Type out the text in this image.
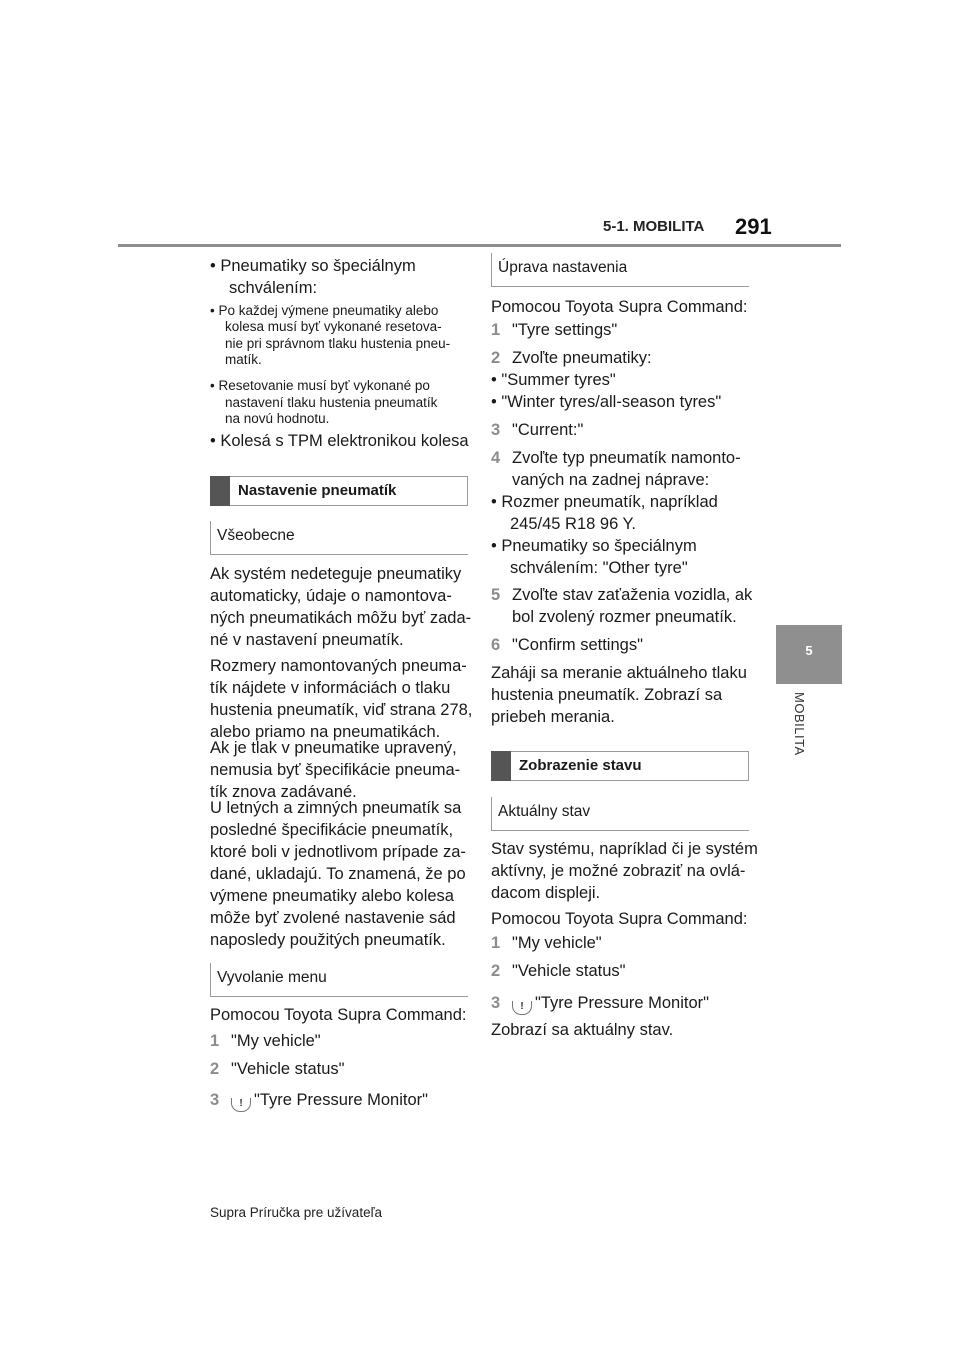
5-1. MOBILITA 291
5
MOBILITA

• Pneumatiky so špeciálnym

schválením:

• Po každej výmene pneumatiky alebo

kolesa musí byť vykonané resetova-

nie pri správnom tlaku hustenia pneu-

matík.

• Resetovanie musí byť vykonané po

nastavení tlaku hustenia pneumatík

na novú hodnotu.

• Kolesá s TPM elektronikou kolesa

Nastavenie pneumatík
Všeobecne

Ak systém nedeteguje pneumatiky

automaticky, údaje o namontova-

ných pneumatikách môžu byť zada-

né v nastavení pneumatík.

Rozmery namontovaných pneuma-

tík nájdete v informáciách o tlaku

hustenia pneumatík, viď strana 278,

alebo priamo na pneumatikách.

Ak je tlak v pneumatike upravený,

nemusia byť špecifikácie pneuma-

tík znova zadávané.

U letných a zimných pneumatík sa

posledné špecifikácie pneumatík,

ktoré boli v jednotlivom prípade za-

dané, ukladajú. To znamená, že po

výmene pneumatiky alebo kolesa

môže byť zvolené nastavenie sád

naposledy použitých pneumatík.

Vyvolanie menu

Pomocou Toyota Supra Command:

1 "My vehicle"

2 "Vehicle status"

3 ! "Tyre Pressure Monitor"

Úprava nastavenia

Pomocou Toyota Supra Command:

1 "Tyre settings"

2 Zvoľte pneumatiky:

• "Summer tyres"

• "Winter tyres/all-season tyres"

3 "Current:"

4 Zvoľte typ pneumatík namonto-

vaných na zadnej náprave:

• Rozmer pneumatík, napríklad

245/45 R18 96 Y.

• Pneumatiky so špeciálnym

schválením: "Other tyre"

5 Zvoľte stav zaťaženia vozidla, ak

bol zvolený rozmer pneumatík.

6 "Confirm settings"

Zaháji sa meranie aktuálneho tlaku

hustenia pneumatík. Zobrazí sa

priebeh merania.

Zobrazenie stavu
Aktuálny stav

Stav systému, napríklad či je systém

aktívny, je možné zobraziť na ovlá-

dacom displeji.

Pomocou Toyota Supra Command:

1 "My vehicle"

2 "Vehicle status"

3 ! "Tyre Pressure Monitor"

Zobrazí sa aktuálny stav.

Supra Príručka pre užívateľa
